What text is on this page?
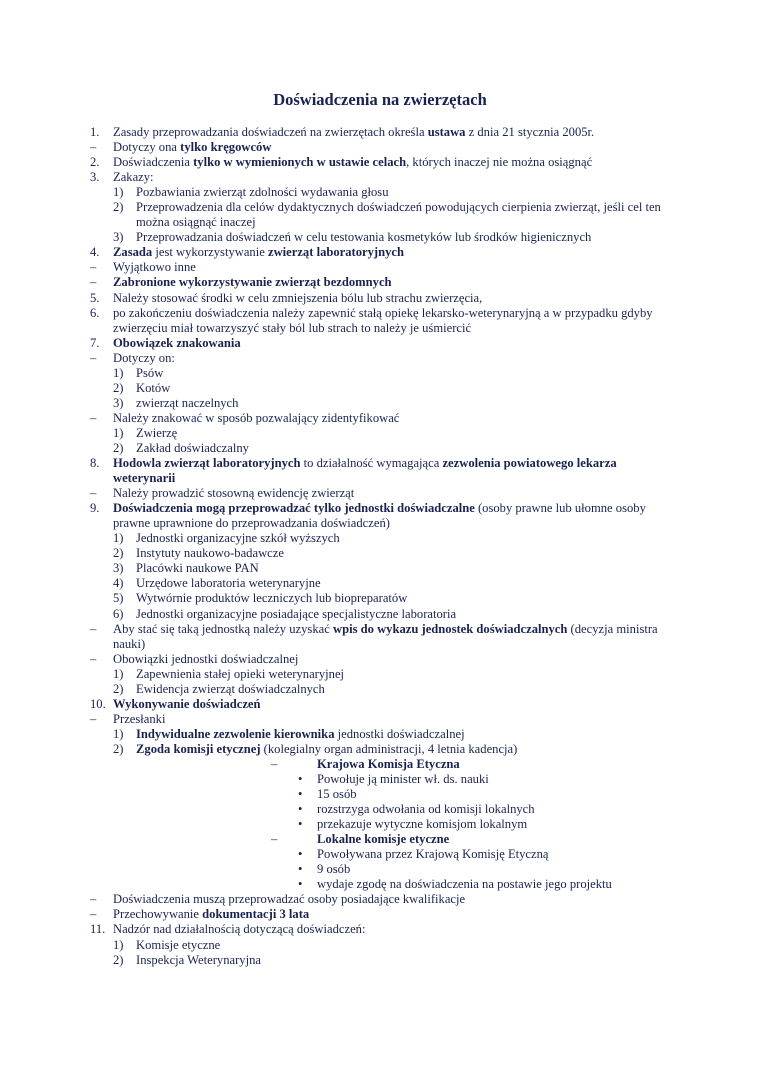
Doświadczenia na zwierzętach
1. Zasady przeprowadzania doświadczeń na zwierzętach określa ustawa z dnia 21 stycznia 2005r.
– Dotyczy ona tylko kręgowców
2. Doświadczenia tylko w wymienionych w ustawie celach, których inaczej nie można osiągnąć
3. Zakazy:
1) Pozbawiania zwierząt zdolności wydawania głosu
2) Przeprowadzenia dla celów dydaktycznych doświadczeń powodujących cierpienia zwierząt, jeśli cel ten
można osiągnąć inaczej
3) Przeprowadzania doświadczeń w celu testowania kosmetyków lub środków higienicznych
4. Zasada jest wykorzystywanie zwierząt laboratoryjnych
– Wyjątkowo inne
– Zabronione wykorzystywanie zwierząt bezdomnych
5. Należy stosować środki w celu zmniejszenia bólu lub strachu zwierzęcia,
6. po zakończeniu doświadczenia należy zapewnić stałą opiekę lekarsko-weterynaryjną a w przypadku gdyby
zwierzęciu miał towarzyszyć stały ból lub strach to należy je uśmiercić
7. Obowiązek znakowania
– Dotyczy on:
1) Psów
2) Kotów
3) zwierząt naczelnych
– Należy znakować w sposób pozwalający zidentyfikować
1) Zwierzę
2) Zakład doświadczalny
8. Hodowla zwierząt laboratoryjnych to działalność wymagająca zezwolenia powiatowego lekarza
weterynarii
– Należy prowadzić stosowną ewidencję zwierząt
9. Doświadczenia mogą przeprowadzać tylko jednostki doświadczalne (osoby prawne lub ułomne osoby
prawne uprawnione do przeprowadzania doświadczeń)
1) Jednostki organizacyjne szkół wyższych
2) Instytuty naukowo-badawcze
3) Placówki naukowe PAN
4) Urzędowe laboratoria weterynaryjne
5) Wytwórnie produktów leczniczych lub biopreparatów
6) Jednostki organizacyjne posiadające specjalistyczne laboratoria
– Aby stać się taką jednostką należy uzyskać wpis do wykazu jednostek doświadczalnych (decyzja ministra
nauki)
– Obowiązki jednostki doświadczalnej
1) Zapewnienia stałej opieki weterynaryjnej
2) Ewidencja zwierząt doświadczalnych
10. Wykonywanie doświadczeń
– Przesłanki
1) Indywidualne zezwolenie kierownika jednostki doświadczalnej
2) Zgoda komisji etycznej (kolegialny organ administracji, 4 letnia kadencja)
–	Krajowa Komisja Etyczna
• Powołuje ją minister wł. ds. nauki
• 15 osób
• rozstrzyga odwołania od komisji lokalnych
• przekazuje wytyczne komisjom lokalnym
–	Lokalne komisje etyczne
• Powoływana przez Krajową Komisję Etyczną
• 9 osób
• wydaje zgodę na doświadczenia na postawie jego projektu
– Doświadczenia muszą przeprowadzać osoby posiadające kwalifikacje
– Przechowywanie dokumentacji 3 lata
11. Nadzór nad działalnością dotyczącą doświadczeń:
1) Komisje etyczne
2) Inspekcja Weterynaryjna
